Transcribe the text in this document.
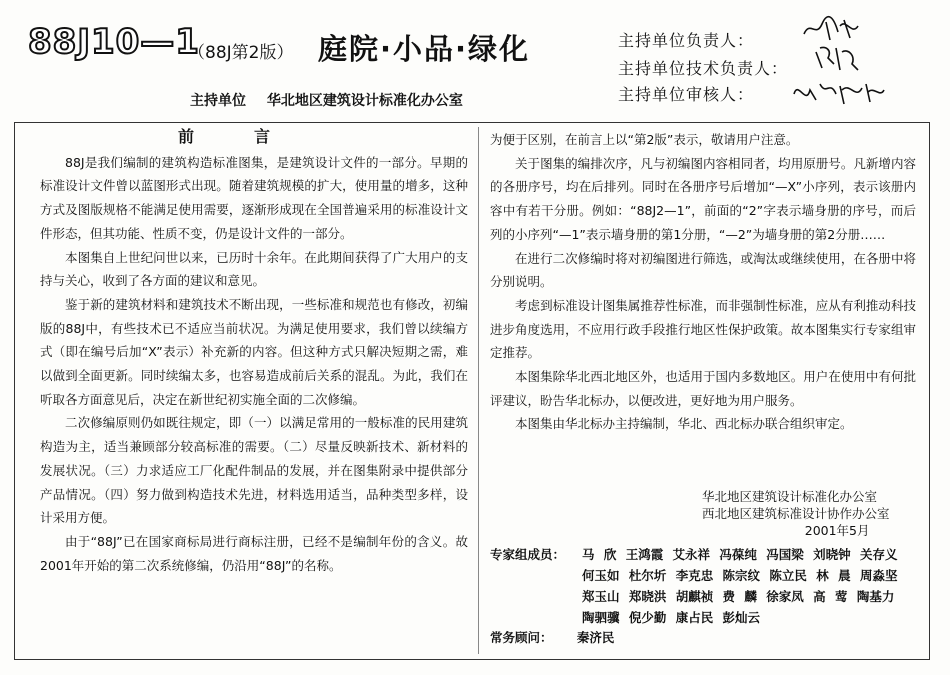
88J10—1
（88J第2版） 庭院·小品·绿化
主持单位 华北地区建筑设计标准化办公室
主持单位负责人：
主持单位技术负责人：
主持单位审核人：
前言

88J是我们编制的建筑构造标准图集，是建筑设计文件的一部分。早期的标准设计文件曾以蓝图形式出现。随着建筑规模的扩大，使用量的增多，这种方式及图版规格不能满足使用需要，逐渐形成现在全国普遍采用的标准设计文件形态，但其功能、性质不变，仍是设计文件的一部分。

本图集自上世纪问世以来，已历时十余年。在此期间获得了广大用户的支持与关心，收到了各方面的建议和意见。

鉴于新的建筑材料和建筑技术不断出现，一些标准和规范也有修改，初编版的88J中，有些技术已不适应当前状况。为满足使用要求，我们曾以续编方式（即在编号后加“X”表示）补充新的内容。但这种方式只解决短期之需，难以做到全面更新。同时续编太多，也容易造成前后关系的混乱。为此，我们在听取各方面意见后，决定在新世纪初实施全面的二次修编。

二次修编原则仍如既往规定，即（一）以满足常用的一般标准的民用建筑构造为主，适当兼顾部分较高标准的需要。（二）尽量反映新技术、新材料的发展状况。（三）力求适应工厂化配件制品的发展，并在图集附录中提供部分产品情况。（四）努力做到构造技术先进，材料选用适当，品种类型多样，设计采用方便。

由于“88J”已在国家商标局进行商标注册，已经不是编制年份的含义。故2001年开始的第二次系统修编，仍沿用“88J”的名称。

为便于区别，在前言上以“第2版”表示，敬请用户注意。

关于图集的编排次序，凡与初编图内容相同者，均用原册号。凡新增内容的各册序号，均在后排列。同时在各册序号后增加“—X”小序列，表示该册内容中有若干分册。例如：“88J2—1”，前面的“2”字表示墙身册的序号，而后列的小序列“—1”表示墙身册的第1分册，“—2”为墙身册的第2分册……

在进行二次修编时将对初编图进行筛选，或淘汰或继续使用，在各册中将分别说明。

考虑到标准设计图集属推荐性标准，而非强制性标准，应从有利推动科技进步角度选用，不应用行政手段推行地区性保护政策。故本图集实行专家组审定推荐。

本图集除华北西北地区外，也适用于国内多数地区。用户在使用中有何批评建议，盼告华北标办，以便改进，更好地为用户服务。

本图集由华北标办主持编制，华北、西北标办联合组织审定。

华北地区建筑设计标准化办公室
西北地区建筑标准设计协作办公室
2001年5月
专家组成员： 马 欣 王鸿霞 艾永祥 冯葆纯 冯国梁 刘晓钟 关存义 何玉如 杜尔圻 李克忠 陈宗纹 陈立民 林 晨 周淼坚 郑玉山 郑晓洪 胡麒祯 费 麟 徐家凤 高 莺 陶基力 陶驷骥 倪少勤 康占民 彭灿云
常务顾问： 秦济民
